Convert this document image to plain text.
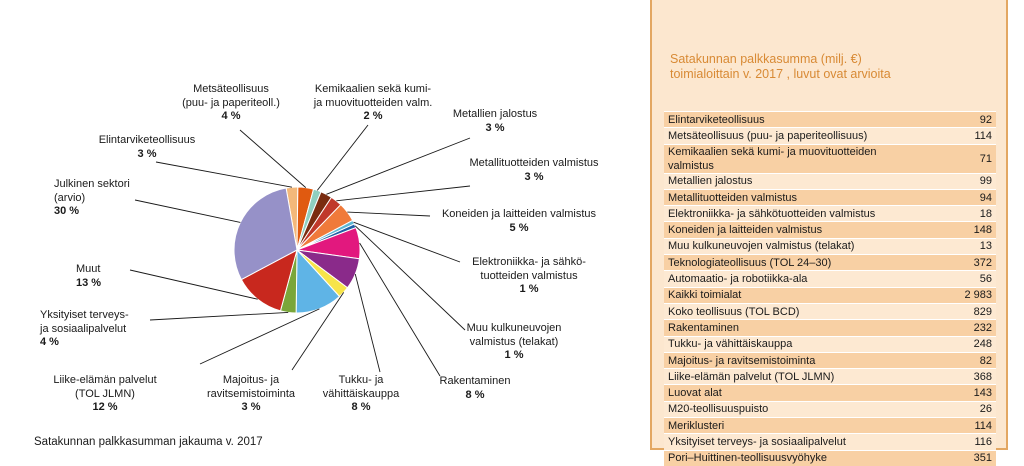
Elintarviketeollisuus
3 %
Metsäteollisuus
(puu- ja paperiteoll.)
4 %
Kemikaalien sekä kumi-
ja muovituotteiden valm.
2 %	Metallien jalostus
3 %
Metallituotteiden valmistus
3 %
Koneiden ja laitteiden valmistus
5 %
Elektroniikka- ja sähkö-
tuotteiden valmistus
1 %
Muu kulkuneuvojen
valmistus (telakat)
1 %
Rakentaminen
8 %
Tukku- ja
vähittäiskauppa
8 %
Majoitus- ja
ravitsemistoiminta
3 %
Liike-elämän palvelut
(TOL JLMN)
12 %
Yksityiset terveys-
ja sosiaalipalvelut
4 %
Muut
13 %
Julkinen sektori
(arvio)
30 %
Satakunnan palkkasumman jakauma v. 2017
Satakunnan palkkasumma (milj. €)
toimialoittain v. 2017 , luvut ovat arvioita
Elintarviketeollisuus	92
Metsäteollisuus (puu- ja paperiteollisuus)	114
Kemikaalien sekä kumi- ja muovituotteiden valmistus	71
Metallien jalostus	99
Metallituotteiden valmistus	94
Elektroniikka- ja sähkötuotteiden valmistus	18
Koneiden ja laitteiden valmistus	148
Muu kulkuneuvojen valmistus (telakat)	13
Teknologiateollisuus (TOL 24–30)	372
Automaatio- ja robotiikka-ala	56
Kaikki toimialat	2 983
Koko teollisuus (TOL BCD)	829
Rakentaminen	232
Tukku- ja vähittäiskauppa	248
Majoitus- ja ravitsemistoiminta	82
Liike-elämän palvelut (TOL JLMN)	368
Luovat alat	143
M20-teollisuuspuisto	26
Meriklusteri	114
Yksityiset terveys- ja sosiaalipalvelut	116
Pori–Huittinen-teollisuusvyöhyke	351
